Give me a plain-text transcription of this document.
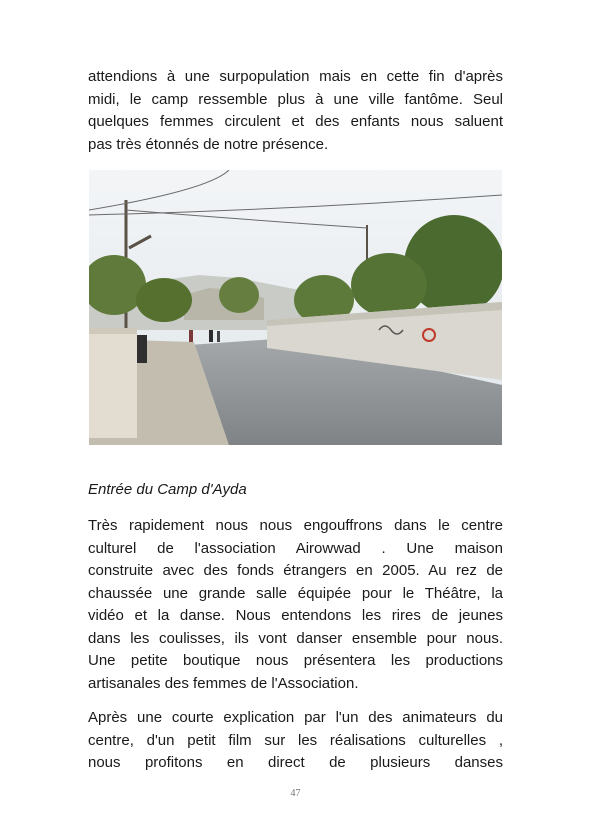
attendions à une surpopulation mais en cette fin d'après
midi, le camp ressemble plus à une ville fantôme. Seul
quelques femmes circulent et des enfants nous saluent
pas très étonnés de notre présence.

Entrée du Camp d'Ayda

Très rapidement nous nous engouffrons dans le centre
culturel de l'association Airowwad . Une maison
construite avec des fonds étrangers en 2005. Au rez de
chaussée une grande salle équipée pour le Théâtre, la
vidéo et la danse. Nous entendons les rires de jeunes
dans les coulisses, ils vont danser ensemble pour nous.
Une petite boutique nous présentera les productions
artisanales des femmes de l'Association.
Après une courte explication par l'un des animateurs du
centre, d'un petit film sur les réalisations culturelles ,
nous profitons en direct de plusieurs danses
47
